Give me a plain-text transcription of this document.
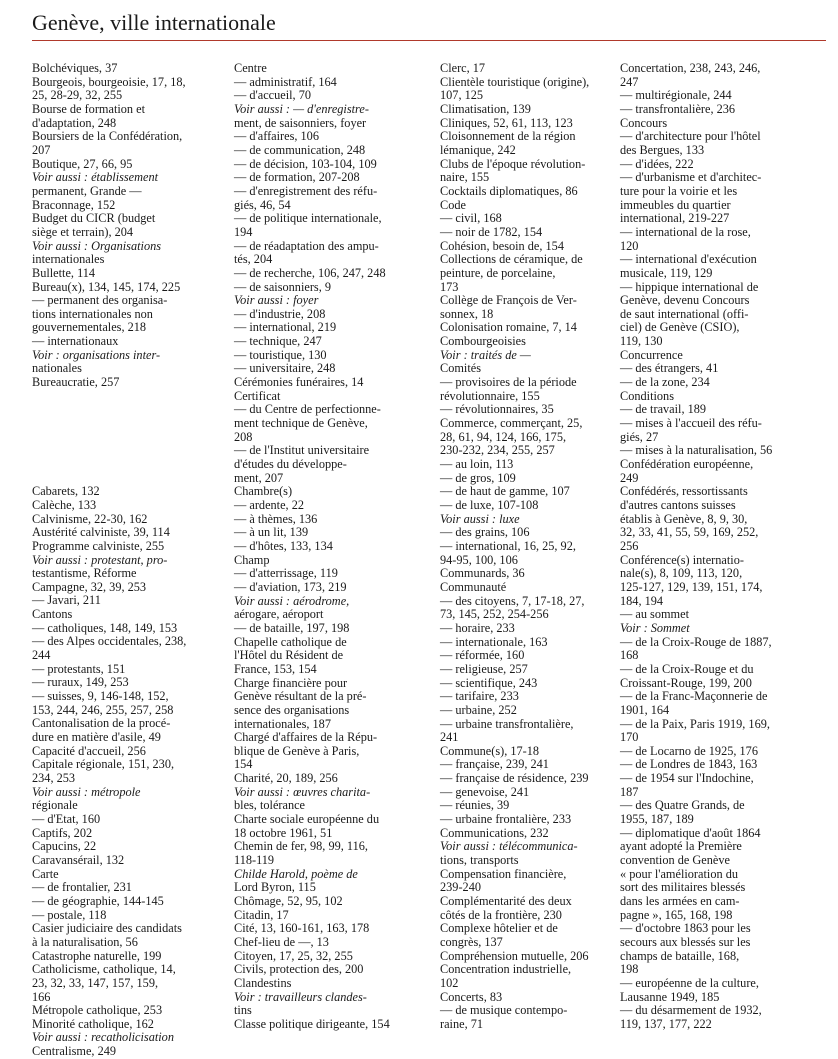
Genève, ville internationale
Bolchéviques, 37
Bourgeois, bourgeoisie, 17, 18,
25, 28-29, 32, 255
Bourse de formation et
d'adaptation, 248
Boursiers de la Confédération,
207
Boutique, 27, 66, 95
Voir aussi : établissement
permanent, Grande —
Braconnage, 152
Budget du CICR (budget
siège et terrain), 204
Voir aussi : Organisations
internationales
Bullette, 114
Bureau(x), 134, 145, 174, 225
— permanent des organisa-
tions internationales non
gouvernementales, 218
— internationaux
Voir : organisations inter-
nationales
Bureaucratie, 257
Cabarets, 132
Calèche, 133
Calvinisme, 22-30, 162
Austérité calviniste, 39, 114
Programme calviniste, 255
Voir aussi : protestant, pro-
testantisme, Réforme
Campagne, 32, 39, 253
— Javari, 211
Cantons
— catholiques, 148, 149, 153
— des Alpes occidentales, 238,
244
— protestants, 151
— ruraux, 149, 253
— suisses, 9, 146-148, 152,
153, 244, 246, 255, 257, 258
Cantonalisation de la procé-
dure en matière d'asile, 49
Capacité d'accueil, 256
Capitale régionale, 151, 230,
234, 253
Voir aussi : métropole
régionale
— d'Etat, 160
Captifs, 202
Capucins, 22
Caravansérail, 132
Carte
— de frontalier, 231
— de géographie, 144-145
— postale, 118
Casier judiciaire des candidats
à la naturalisation, 56
Catastrophe naturelle, 199
Catholicisme, catholique, 14,
23, 32, 33, 147, 157, 159,
166
Métropole catholique, 253
Minorité catholique, 162
Voir aussi : recatholicisation
Centralisme, 249
Centre
— administratif, 164
— d'accueil, 70
Voir aussi : — d'enregistre-
ment, de saisonniers, foyer
— d'affaires, 106
— de communication, 248
— de décision, 103-104, 109
— de formation, 207-208
— d'enregistrement des réfu-
giés, 46, 54
— de politique internationale,
194
— de réadaptation des ampu-
tés, 204
— de recherche, 106, 247, 248
— de saisonniers, 9
Voir aussi : foyer
— d'industrie, 208
— international, 219
— technique, 247
— touristique, 130
— universitaire, 248
Cérémonies funéraires, 14
Certificat
— du Centre de perfectionne-
ment technique de Genève,
208
— de l'Institut universitaire
d'études du développe-
ment, 207
Chambre(s)
— ardente, 22
— à thèmes, 136
— à un lit, 139
— d'hôtes, 133, 134
Champ
— d'atterrissage, 119
— d'aviation, 173, 219
Voir aussi : aérodrome,
aérogare, aéroport
— de bataille, 197, 198
Chapelle catholique de
l'Hôtel du Résident de
France, 153, 154
Charge financière pour
Genève résultant de la pré-
sence des organisations
internationales, 187
Chargé d'affaires de la Répu-
blique de Genève à Paris,
154
Charité, 20, 189, 256
Voir aussi : œuvres charita-
bles, tolérance
Charte sociale européenne du
18 octobre 1961, 51
Chemin de fer, 98, 99, 116,
118-119
Childe Harold, poème de
Lord Byron, 115
Chômage, 52, 95, 102
Citadin, 17
Cité, 13, 160-161, 163, 178
Chef-lieu de —, 13
Citoyen, 17, 25, 32, 255
Civils, protection des, 200
Clandestins
Voir : travailleurs clandes-
tins
Classe politique dirigeante, 154
Clerc, 17
Clientèle touristique (origine),
107, 125
Climatisation, 139
Cliniques, 52, 61, 113, 123
Cloisonnement de la région
lémanique, 242
Clubs de l'époque révolution-
naire, 155
Cocktails diplomatiques, 86
Code
— civil, 168
— noir de 1782, 154
Cohésion, besoin de, 154
Collections de céramique, de
peinture, de porcelaine,
173
Collège de François de Ver-
sonnex, 18
Colonisation romaine, 7, 14
Combourgeoisies
Voir : traités de —
Comités
— provisoires de la période
révolutionnaire, 155
— révolutionnaires, 35
Commerce, commerçant, 25,
28, 61, 94, 124, 166, 175,
230-232, 234, 255, 257
— au loin, 113
— de gros, 109
— de haut de gamme, 107
— de luxe, 107-108
Voir aussi : luxe
— des grains, 106
— international, 16, 25, 92,
94-95, 100, 106
Communards, 36
Communauté
— des citoyens, 7, 17-18, 27,
73, 145, 252, 254-256
— horaire, 233
— internationale, 163
— réformée, 160
— religieuse, 257
— scientifique, 243
— tarifaire, 233
— urbaine, 252
— urbaine transfrontalière,
241
Commune(s), 17-18
— française, 239, 241
— française de résidence, 239
— genevoise, 241
— réunies, 39
— urbaine frontalière, 233
Communications, 232
Voir aussi : télécommunica-
tions, transports
Compensation financière,
239-240
Complémentarité des deux
côtés de la frontière, 230
Complexe hôtelier et de
congrès, 137
Compréhension mutuelle, 206
Concentration industrielle,
102
Concerts, 83
— de musique contempo-
raine, 71
Concertation, 238, 243, 246,
247
— multirégionale, 244
— transfrontalière, 236
Concours
— d'architecture pour l'hôtel
des Bergues, 133
— d'idées, 222
— d'urbanisme et d'architec-
ture pour la voirie et les
immeubles du quartier
international, 219-227
— international de la rose,
120
— international d'exécution
musicale, 119, 129
— hippique international de
Genève, devenu Concours
de saut international (offi-
ciel) de Genève (CSIO),
119, 130
Concurrence
— des étrangers, 41
— de la zone, 234
Conditions
— de travail, 189
— mises à l'accueil des réfu-
giés, 27
— mises à la naturalisation, 56
Confédération européenne,
249
Confédérés, ressortissants
d'autres cantons suisses
établis à Genève, 8, 9, 30,
32, 33, 41, 55, 59, 169, 252,
256
Conférence(s) internatio-
nale(s), 8, 109, 113, 120,
125-127, 129, 139, 151, 174,
184, 194
— au sommet
Voir : Sommet
— de la Croix-Rouge de 1887,
168
— de la Croix-Rouge et du
Croissant-Rouge, 199, 200
— de la Franc-Maçonnerie de
1901, 164
— de la Paix, Paris 1919, 169,
170
— de Locarno de 1925, 176
— de Londres de 1843, 163
— de 1954 sur l'Indochine,
187
— des Quatre Grands, de
1955, 187, 189
— diplomatique d'août 1864
ayant adopté la Première
convention de Genève
« pour l'amélioration du
sort des militaires blessés
dans les armées en cam-
pagne », 165, 168, 198
— d'octobre 1863 pour les
secours aux blessés sur les
champs de bataille, 168,
198
— européenne de la culture,
Lausanne 1949, 185
— du désarmement de 1932,
119, 137, 177, 222
